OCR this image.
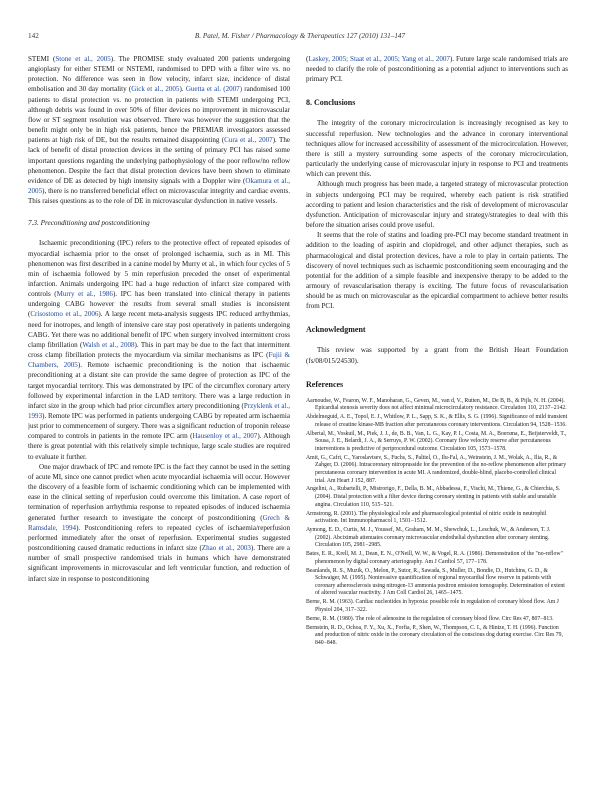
142	B. Patel, M. Fisher / Pharmacology & Therapeutics 127 (2010) 131–147

STEMI (Stone et al., 2005). The PROMISE study evaluated 200 patients undergoing angioplasty for either STEMI or NSTEMI, randomised to DPD with a filter wire vs. no protection. No difference was seen in flow velocity, infarct size, incidence of distal embolisation and 30 day mortality (Gick et al., 2005). Guetta et al. (2007) randomised 100 patients to distal protection vs. no protection in patients with STEMI undergoing PCI, although debris was found in over 50% of filter devices no improvement in microvascular flow or ST segment resolution was observed. There was however the suggestion that the benefit might only be in high risk patients, hence the PREMIAR investigators assessed patients at high risk of DE, but the results remained disappointing (Cura et al., 2007). The lack of benefit of distal protection devices in the setting of primary PCI has raised some important questions regarding the underlying pathophysiology of the poor reflow/no reflow phenomenon. Despite the fact that distal protection devices have been shown to eliminate evidence of DE as detected by high intensity signals with a Doppler wire (Okamura et al., 2005), there is no transferred beneficial effect on microvascular integrity and cardiac events. This raises questions as to the role of DE in microvascular dysfunction in native vessels.

7.3. Preconditioning and postconditioning

Ischaemic preconditioning (IPC) refers to the protective effect of repeated episodes of myocardial ischaemia prior to the onset of prolonged ischaemia, such as in MI. This phenomenon was first described in a canine model by Murry et al., in which four cycles of 5 min of ischaemia followed by 5 min reperfusion preceded the onset of experimental infarction. Animals undergoing IPC had a huge reduction of infarct size compared with controls (Murry et al., 1986). IPC has been translated into clinical therapy in patients undergoing CABG however the results from several small studies is inconsistent (Crisostomo et al., 2006). A large recent meta-analysis suggests IPC reduced arrhythmias, need for inotropes, and length of intensive care stay post operatively in patients undergoing CABG. Yet there was no additional benefit of IPC when surgery involved intermittent cross clamp fibrillation (Walsh et al., 2008). This in part may be due to the fact that intermittent cross clamp fibrillation protects the myocardium via similar mechanisms as IPC (Fujii & Chambers, 2005). Remote ischaemic preconditioning is the notion that ischaemic preconditioning at a distant site can provide the same degree of protection as IPC of the target myocardial territory. This was demonstrated by IPC of the circumflex coronary artery followed by experimental infarction in the LAD territory. There was a large reduction in infarct size in the group which had prior circumflex artery preconditioning (Przyklenk et al., 1993). Remote IPC was performed in patients undergoing CABG by repeated arm ischaemia just prior to commencement of surgery. There was a significant reduction of troponin release compared to controls in patients in the remote IPC arm (Hausenloy et al., 2007). Although there is great potential with this relatively simple technique, large scale studies are required to evaluate it further.

One major drawback of IPC and remote IPC is the fact they cannot be used in the setting of acute MI, since one cannot predict when acute myocardial ischaemia will occur. However the discovery of a feasible form of ischaemic conditioning which can be implemented with ease in the clinical setting of reperfusion could overcome this limitation. A case report of termination of reperfusion arrhythmia response to repeated episodes of induced ischaemia generated further research to investigate the concept of postconditioning (Grech & Ramsdale, 1994). Postconditioning refers to repeated cycles of ischaemia/reperfusion performed immediately after the onset of reperfusion. Experimental studies suggested postconditioning caused dramatic reductions in infarct size (Zhao et al., 2003). There are a number of small prospective randomised trials in humans which have demonstrated significant improvements in microvascular and left ventricular function, and reduction of infarct size in response to postconditioning

(Laskey, 2005; Staat et al., 2005; Yang et al., 2007). Future large scale randomised trials are needed to clarify the role of postconditioning as a potential adjunct to interventions such as primary PCI.

8. Conclusions

The integrity of the coronary microcirculation is increasingly recognised as key to successful reperfusion. New technologies and the advance in coronary interventional techniques allow for increased accessibility of assessment of the microcirculation. However, there is still a mystery surrounding some aspects of the coronary microcirculation, particularly the underlying cause of microvascular injury in response to PCI and treatments which can prevent this.

Although much progress has been made, a targeted strategy of microvascular protection in subjects undergoing PCI may be required, whereby each patient is risk stratified according to patient and lesion characteristics and the risk of development of microvascular dysfunction. Anticipation of microvascular injury and strategy/strategies to deal with this before the situation arises could prove useful.

It seems that the role of statins and loading pre-PCI may become standard treatment in addition to the loading of aspirin and clopidrogel, and other adjunct therapies, such as pharmacological and distal protection devices, have a role to play in certain patients. The discovery of novel techniques such as ischaemic postconditioning seem encouraging and the potential for the addition of a simple feasible and inexpensive therapy to be added to the armoury of revascularisation therapy is exciting. The future focus of revascularisation should be as much on microvascular as the epicardial compartment to achieve better results from PCI.

Acknowledgment

This review was supported by a grant from the British Heart Foundation (fs/08/015/24530).

References
Aarnoudse, W., Fearon, W. F., Manoharan, G., Geven, M., van d, V., Rutten, M., De B, B., & Pijls, N. H. (2004). Epicardial stenosis severity does not affect minimal microcirculatory resistance. Circulation 110, 2137−2142.
Abdelmeguid, A. E., Topol, E. J., Whitlow, P. L., Sapp, S. K., & Ellis, S. G. (1996). Significance of mild transient release of creatine kinase-MB fraction after percutaneous coronary interventions. Circulation 94, 1528−1536.
Albertal, M., Voskuil, M., Piek, J. J., de, B. B., Van, L. G., Kay, P. I., Costa, M. A., Boersma, E., Beijsterveldt, T., Sousa, J. E., Belardi, J. A., & Serruys, P. W. (2002). Coronary flow velocity reserve after percutaneous interventions is predictive of periprocedural outcome. Circulation 105, 1573−1578.
Amit, G., Cafri, C., Yaroslavtsev, S., Fuchs, S., Paltiel, O., Ilu-Fal, A., Weinstein, J. M., Wolak, A., Ilia, R., & Zahger, D. (2006). Intracoronary nitroprusside for the prevention of the no-reflow phenomenon after primary percutaneous coronary intervention in acute MI. A randomized, double-blind, placebo-controlled clinical trial. Am Heart J 152, 887.
Angelini, A., Rubartelli, P., Mistrorigo, F., Della, B. M., Abbadessa, F., Vischi, M., Thiene, G., & Chierchia, S. (2004). Distal protection with a filter device during coronary stenting in patients with stable and unstable angina. Circulation 110, 515−521.
Armstrong, R. (2001). The physiological role and pharmacological potential of nitric oxide in neutrophil activation. Int Immunopharmacol 1, 1501−1512.
Aymong, E. D., Curtis, M. J., Youssef, M., Graham, M. M., Shewchuk, L., Leschuk, W., & Anderson, T. J. (2002). Abciximab attenuates coronary microvascular endothelial dysfunction after coronary stenting. Circulation 105, 2981−2985.
Bates, E. R., Krell, M. J., Dean, E. N., O'Neill, W. W., & Vogel, R. A. (1986). Demonstration of the "no-reflow" phenomenon by digital coronary arteriography. Am J Cardiol 57, 177−178.
Beanlands, R. S., Muzik, O., Melon, P., Sutor, R., Sawada, S., Muller, D., Bondie, D., Hutchins, G. D., & Schwaiger, M. (1995). Noninvasive quantification of regional myocardial flow reserve in patients with coronary atherosclerosis using nitrogen-13 ammonia positron emission tomography. Determination of extent of altered vascular reactivity. J Am Coll Cardiol 26, 1465−1475.
Berne, R. M. (1963). Cardiac nucleotides in hypoxia: possible role in regulation of coronary blood flow. Am J Physiol 204, 317−322.
Berne, R. M. (1980). The role of adenosine in the regulation of coronary blood flow. Circ Res 47, 807−813.
Bernstein, R. D., Ochoa, F. Y., Xu, X., Forfia, P., Shen, W., Thompson, C. I., & Hintze, T. H. (1996). Function and production of nitric oxide in the coronary circulation of the conscious dog during exercise. Circ Res 79, 840−848.
